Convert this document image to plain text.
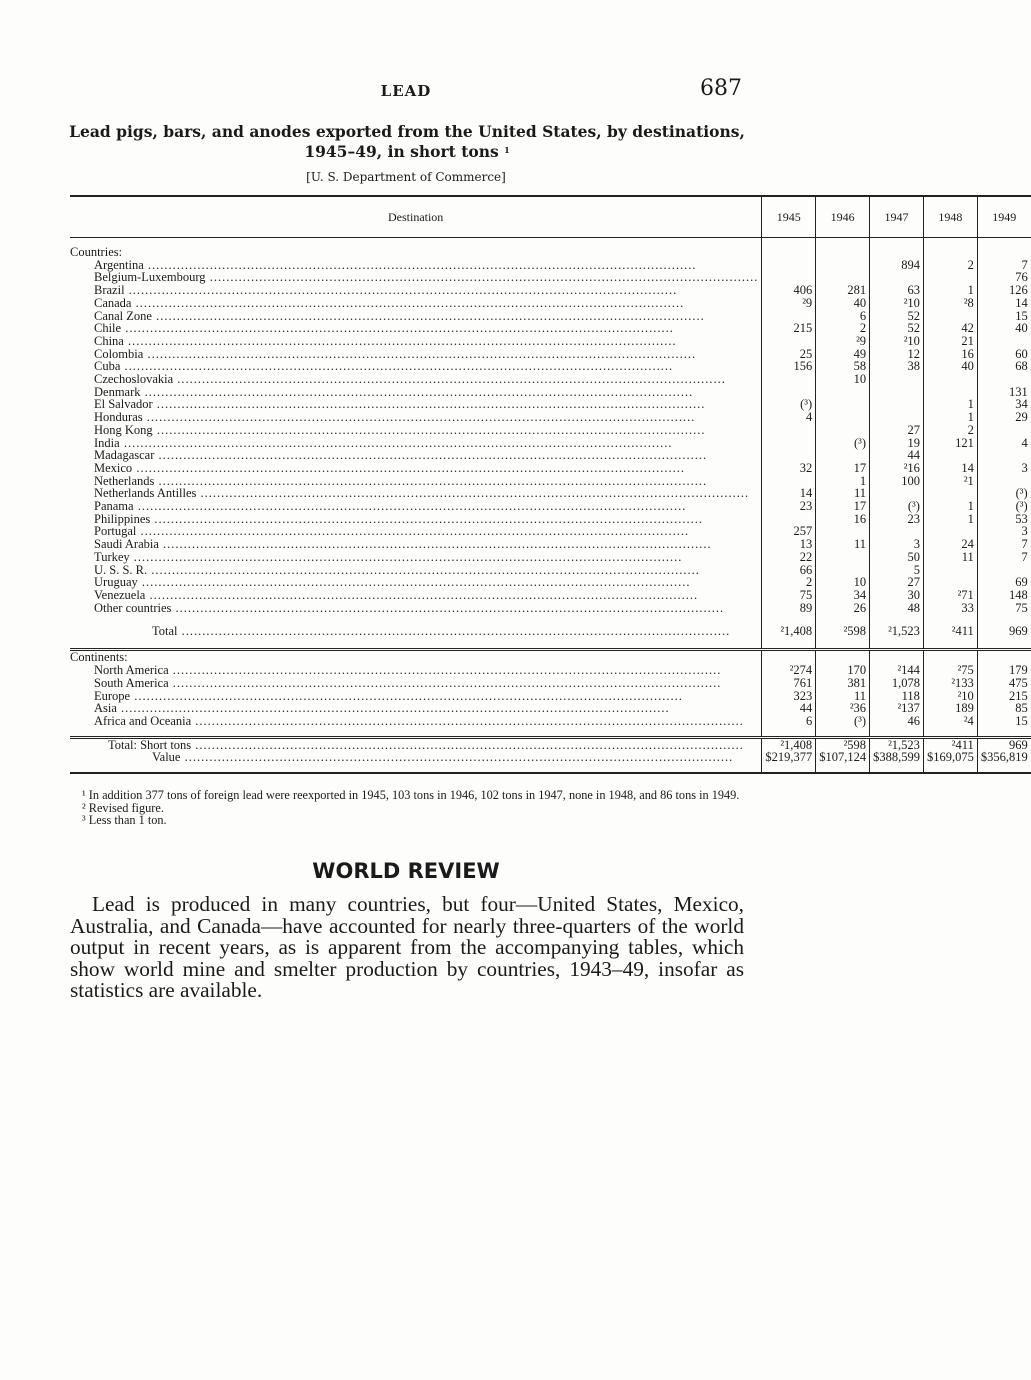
LEAD	687
Lead pigs, bars, and anodes exported from the United States, by destinations, 1945–49, in short tons $^1$
[U. S. Department of Commerce]
Destination	1945	1946	1947	1948	1949

Countries:					
Argentina .....			894	2	7
Belgium-Luxembourg .....					76
Brazil .....	406	281	63	1	126
Canada .....	²9	40	²10	²8	14
Canal Zone .....		6	52		15
Chile .....	215	2	52	42	40
China .....		²9	²10	21	
Colombia .....	25	49	12	16	60
Cuba .....	156	58	38	40	68
Czechoslovakia .....		10			
Denmark .....					131
El Salvador .....	(³)			1	34
Honduras .....	4			1	29
Hong Kong .....			27	2	
India .....		(³)	19	121	4
Madagascar .....			44		
Mexico .....	32	17	²16	14	3
Netherlands .....		1	100	²1	
Netherlands Antilles .....	14	11			(³)
Panama .....	23	17	(³)	1	(³)
Philippines .....		16	23	1	53
Portugal .....	257				3
Saudi Arabia .....	13	11	3	24	7
Turkey .....	22		50	11	7
U. S. S. R. .....	66		5		
Uruguay .....	2	10	27		69
Venezuela .....	75	34	30	²71	148
Other countries .....	89	26	48	33	75

Total .....	²1,408	²598	²1,523	²411	969

Continents:					
North America .....	²274	170	²144	²75	179
South America .....	761	381	1,078	²133	475
Europe .....	323	11	118	²10	215
Asia .....	44	²36	²137	189	85
Africa and Oceania .....	6	(³)	46	²4	15

Total: Short tons .....	²1,408	²598	²1,523	²411	969
Value .....	$219,377	$107,124	$388,599	$169,075	$356,819

¹ In addition 377 tons of foreign lead were reexported in 1945, 103 tons in 1946, 102 tons in 1947, none in 1948, and 86 tons in 1949.

² Revised figure.

³ Less than 1 ton.

WORLD REVIEW

Lead is produced in many countries, but four—United States, Mexico, Australia, and Canada—have accounted for nearly three-quarters of the world output in recent years, as is apparent from the accompanying tables, which show world mine and smelter production by countries, 1943–49, insofar as statistics are available.
